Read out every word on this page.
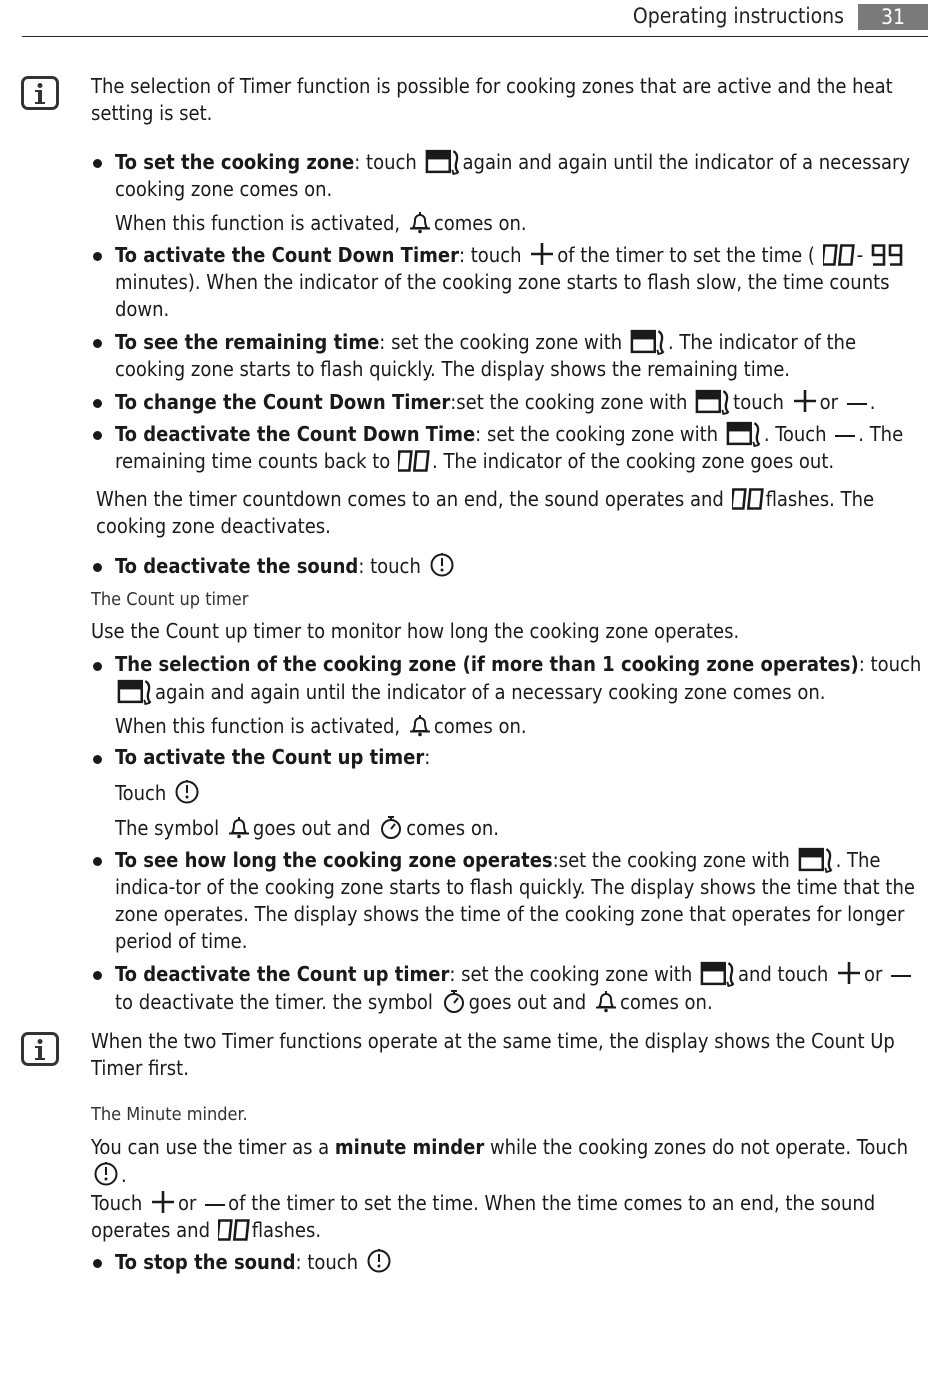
Operating instructions	31
The selection of Timer function is possible for cooking zones that are active and the heat setting is set.
To set the cooking zone: touch again and again until the indicator of a necessary cooking zone comes on.
When this function is activated, comes on.
To activate the Count Down Timer: touch of the timer to set the time ( -  minutes). When the indicator of the cooking zone starts to flash slow, the time counts down.
To see the remaining time: set the cooking zone with . The indicator of the cooking zone starts to flash quickly. The display shows the remaining time.
To change the Count Down Timer:set the cooking zone with touch or .
To deactivate the Count Down Time: set the cooking zone with . Touch . The remaining time counts back to . The indicator of the cooking zone goes out.
When the timer countdown comes to an end, the sound operates and flashes. The cooking zone deactivates.
To deactivate the sound: touch
The Count up timer
Use the Count up timer to monitor how long the cooking zone operates.
The selection of the cooking zone (if more than 1 cooking zone operates): touch again and again until the indicator of a necessary cooking zone comes on.
When this function is activated, comes on.
To activate the Count up timer:
Touch
The symbol goes out and comes on.
To see how long the cooking zone operates:set the cooking zone with . The indica-tor of the cooking zone starts to flash quickly. The display shows the time that the zone operates. The display shows the time of the cooking zone that operates for longer period of time.
To deactivate the Count up timer: set the cooking zone with and touch or to deactivate the timer. the symbol goes out and comes on.
When the two Timer functions operate at the same time, the display shows the Count Up Timer first.
The Minute minder.
You can use the timer as a minute minder while the cooking zones do not operate. Touch .
Touch or of the timer to set the time. When the time comes to an end, the sound operates and flashes.
To stop the sound: touch
